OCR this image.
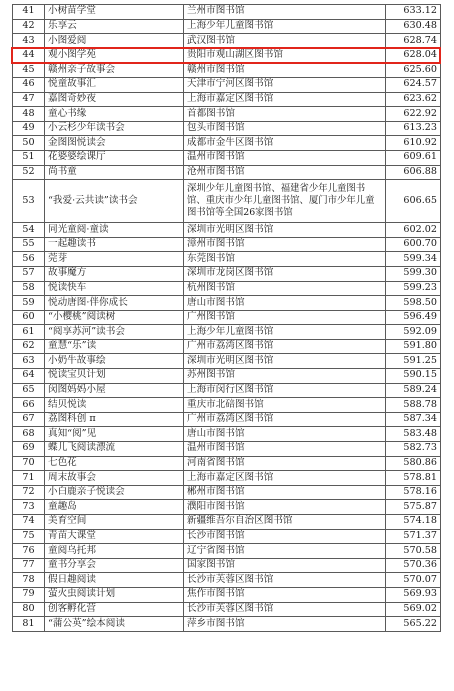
41	小树苗学堂	兰州市图书馆	633.12
42	乐享云	上海少年儿童图书馆	630.48
43	小图爱阅	武汉图书馆	628.74
44	观小图学苑	贵阳市观山湖区图书馆	628.04
45	赣州亲子故事会	赣州市图书馆	625.60
46	悦童故事汇	天津市宁河区图书馆	624.57
47	嘉图奇妙夜	上海市嘉定区图书馆	623.62
48	童心书缘	首都图书馆	622.92
49	小云杉少年读书会	包头市图书馆	613.23
50	金图图悦读会	成都市金牛区图书馆	610.92
51	花婆婆绘课厅	温州市图书馆	609.61
52	尚书童	沧州市图书馆	606.88
53	“我爱·云共读”读书会	深圳少年儿童图书馆、福建省少年儿童图书馆、重庆市少年儿童图书馆、厦门市少年儿童图书馆等全国26家图书馆	606.65
54	同光童阅·童读	深圳市光明区图书馆	602.02
55	一起趣读书	漳州市图书馆	600.70
56	莞芽	东莞图书馆	599.34
57	故事魔方	深圳市龙岗区图书馆	599.30
58	悦读快车	杭州图书馆	599.23
59	悦动唐图·伴你成长	唐山市图书馆	598.50
60	“小樱桃”阅读树	广州图书馆	596.49
61	“阅享苏河”读书会	上海少年儿童图书馆	592.09
62	童慧“乐”读	广州市荔湾区图书馆	591.80
63	小奶牛故事绘	深圳市光明区图书馆	591.25
64	悦读宝贝计划	苏州图书馆	590.15
65	闵图妈妈小屋	上海市闵行区图书馆	589.24
66	结贝悦读	重庆市北碚图书馆	588.78
67	荔图科创 π	广州市荔湾区图书馆	587.34
68	真知“阅”见	唐山市图书馆	583.48
69	蝶儿飞阅读漂流	温州市图书馆	582.73
70	七色花	河南省图书馆	580.86
71	周末故事会	上海市嘉定区图书馆	578.81
72	小白鹿亲子悦读会	郴州市图书馆	578.16
73	童趣岛	濮阳市图书馆	575.87
74	美育空间	新疆维吾尔自治区图书馆	574.18
75	青苗大课堂	长沙市图书馆	571.37
76	童阅乌托邦	辽宁省图书馆	570.58
77	童书分享会	国家图书馆	570.36
78	假日趣阅读	长沙市芙蓉区图书馆	570.07
79	萤火虫阅读计划	焦作市图书馆	569.93
80	创客孵化营	长沙市芙蓉区图书馆	569.02
81	“蒲公英”绘本阅读	萍乡市图书馆	565.22
